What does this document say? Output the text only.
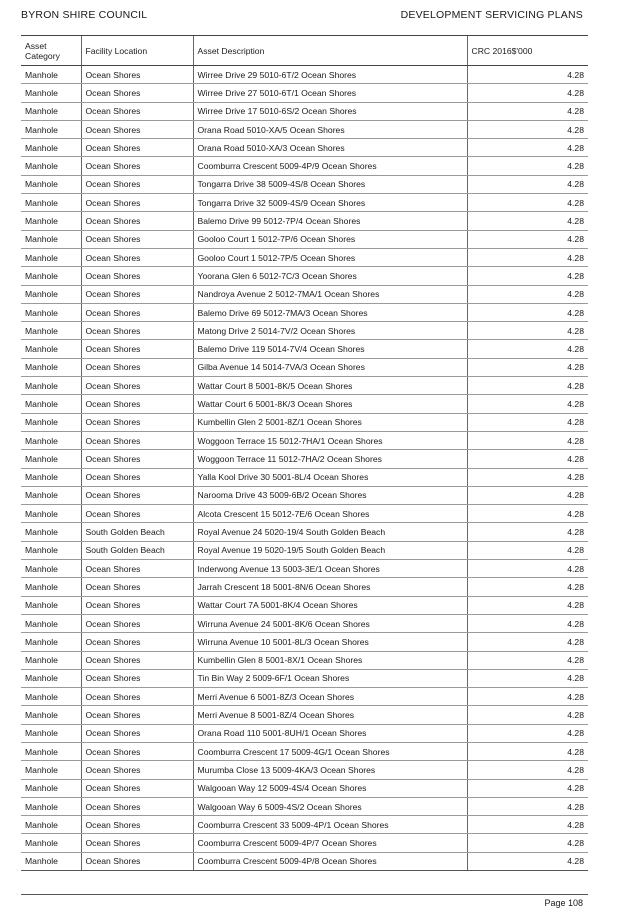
BYRON SHIRE COUNCIL	DEVELOPMENT SERVICING PLANS
Asset Category	Facility Location	Asset Description	CRC 2016$'000
Manhole	Ocean Shores	Wirree Drive 29 5010-6T/2 Ocean Shores	4.28
Manhole	Ocean Shores	Wirree Drive 27 5010-6T/1 Ocean Shores	4.28
Manhole	Ocean Shores	Wirree Drive 17 5010-6S/2 Ocean Shores	4.28
Manhole	Ocean Shores	Orana Road 5010-XA/5 Ocean Shores	4.28
Manhole	Ocean Shores	Orana Road 5010-XA/3 Ocean Shores	4.28
Manhole	Ocean Shores	Coomburra Crescent 5009-4P/9 Ocean Shores	4.28
Manhole	Ocean Shores	Tongarra Drive 38 5009-4S/8 Ocean Shores	4.28
Manhole	Ocean Shores	Tongarra Drive 32 5009-4S/9 Ocean Shores	4.28
Manhole	Ocean Shores	Balemo Drive 99 5012-7P/4 Ocean Shores	4.28
Manhole	Ocean Shores	Gooloo Court 1 5012-7P/6 Ocean Shores	4.28
Manhole	Ocean Shores	Gooloo Court 1 5012-7P/5 Ocean Shores	4.28
Manhole	Ocean Shores	Yoorana Glen 6 5012-7C/3 Ocean Shores	4.28
Manhole	Ocean Shores	Nandroya Avenue 2 5012-7MA/1 Ocean Shores	4.28
Manhole	Ocean Shores	Balemo Drive 69 5012-7MA/3 Ocean Shores	4.28
Manhole	Ocean Shores	Matong Drive 2 5014-7V/2 Ocean Shores	4.28
Manhole	Ocean Shores	Balemo Drive 119 5014-7V/4 Ocean Shores	4.28
Manhole	Ocean Shores	Gilba Avenue 14 5014-7VA/3 Ocean Shores	4.28
Manhole	Ocean Shores	Wattar Court 8 5001-8K/5 Ocean Shores	4.28
Manhole	Ocean Shores	Wattar Court 6 5001-8K/3 Ocean Shores	4.28
Manhole	Ocean Shores	Kumbellin Glen 2 5001-8Z/1 Ocean Shores	4.28
Manhole	Ocean Shores	Woggoon Terrace 15 5012-7HA/1 Ocean Shores	4.28
Manhole	Ocean Shores	Woggoon Terrace 11 5012-7HA/2 Ocean Shores	4.28
Manhole	Ocean Shores	Yalla Kool Drive 30 5001-8L/4 Ocean Shores	4.28
Manhole	Ocean Shores	Narooma Drive 43 5009-6B/2 Ocean Shores	4.28
Manhole	Ocean Shores	Alcota Crescent 15 5012-7E/6 Ocean Shores	4.28
Manhole	South Golden Beach	Royal Avenue 24 5020-19/4 South Golden Beach	4.28
Manhole	South Golden Beach	Royal Avenue 19 5020-19/5 South Golden Beach	4.28
Manhole	Ocean Shores	Inderwong Avenue 13 5003-3E/1 Ocean Shores	4.28
Manhole	Ocean Shores	Jarrah Crescent 18 5001-8N/6 Ocean Shores	4.28
Manhole	Ocean Shores	Wattar Court 7A 5001-8K/4 Ocean Shores	4.28
Manhole	Ocean Shores	Wirruna Avenue 24 5001-8K/6 Ocean Shores	4.28
Manhole	Ocean Shores	Wirruna Avenue 10 5001-8L/3 Ocean Shores	4.28
Manhole	Ocean Shores	Kumbellin Glen 8 5001-8X/1 Ocean Shores	4.28
Manhole	Ocean Shores	Tin Bin Way 2 5009-6F/1 Ocean Shores	4.28
Manhole	Ocean Shores	Merri Avenue 6 5001-8Z/3 Ocean Shores	4.28
Manhole	Ocean Shores	Merri Avenue 8 5001-8Z/4 Ocean Shores	4.28
Manhole	Ocean Shores	Orana Road 110 5001-8UH/1 Ocean Shores	4.28
Manhole	Ocean Shores	Coomburra Crescent 17 5009-4G/1 Ocean Shores	4.28
Manhole	Ocean Shores	Murumba Close 13 5009-4KA/3 Ocean Shores	4.28
Manhole	Ocean Shores	Walgooan Way 12 5009-4S/4 Ocean Shores	4.28
Manhole	Ocean Shores	Walgooan Way 6 5009-4S/2 Ocean Shores	4.28
Manhole	Ocean Shores	Coomburra Crescent 33 5009-4P/1 Ocean Shores	4.28
Manhole	Ocean Shores	Coomburra Crescent 5009-4P/7 Ocean Shores	4.28
Manhole	Ocean Shores	Coomburra Crescent 5009-4P/8 Ocean Shores	4.28
Page 108
